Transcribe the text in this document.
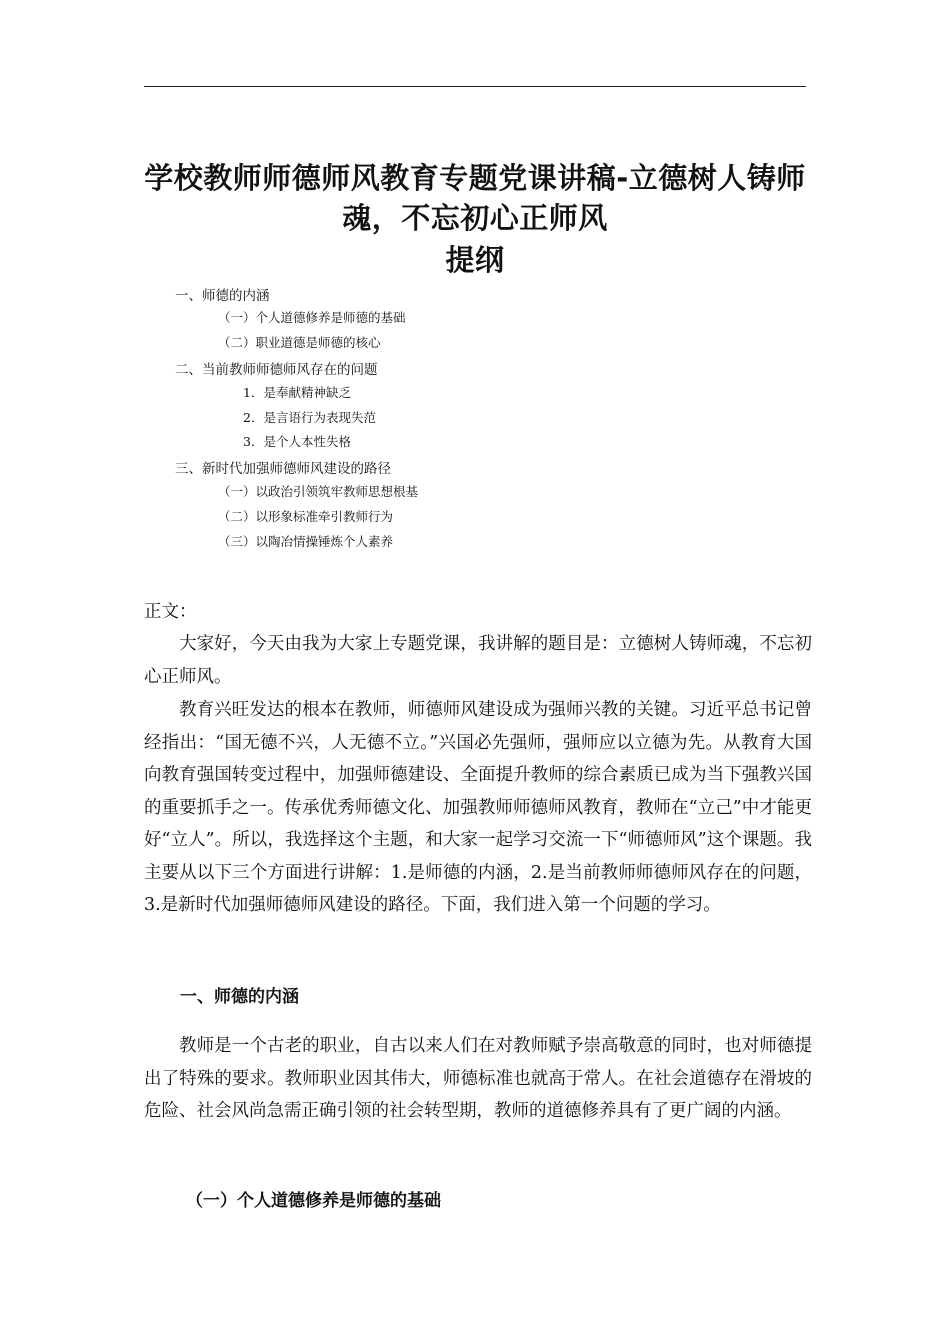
学校教师师德师风教育专题党课讲稿-立德树人铸师
魂，不忘初心正师风
提纲
一、师德的内涵
（一）个人道德修养是师德的基础
（二）职业道德是师德的核心
二、当前教师师德师风存在的问题
1．是奉献精神缺乏
2．是言语行为表现失范
3．是个人本性失格
三、新时代加强师德师风建设的路径
（一）以政治引领筑牢教师思想根基
（二）以形象标准牵引教师行为
（三）以陶冶情操锤炼个人素养
正文：

大家好，今天由我为大家上专题党课，我讲解的题目是：立德树人铸师魂，不忘初心正师风。

教育兴旺发达的根本在教师，师德师风建设成为强师兴教的关键。习近平总书记曾经指出：“国无德不兴，人无德不立。”兴国必先强师，强师应以立德为先。从教育大国向教育强国转变过程中，加强师德建设、全面提升教师的综合素质已成为当下强教兴国的重要抓手之一。传承优秀师德文化、加强教师师德师风教育，教师在“立己”中才能更好“立人”。所以，我选择这个主题，和大家一起学习交流一下“师德师风”这个课题。我主要从以下三个方面进行讲解：1.是师德的内涵，2.是当前教师师德师风存在的问题，3.是新时代加强师德师风建设的路径。下面，我们进入第一个问题的学习。

一、师德的内涵

教师是一个古老的职业，自古以来人们在对教师赋予崇高敬意的同时，也对师德提出了特殊的要求。教师职业因其伟大，师德标准也就高于常人。在社会道德存在滑坡的危险、社会风尚急需正确引领的社会转型期，教师的道德修养具有了更广阔的内涵。

（一）个人道德修养是师德的基础
